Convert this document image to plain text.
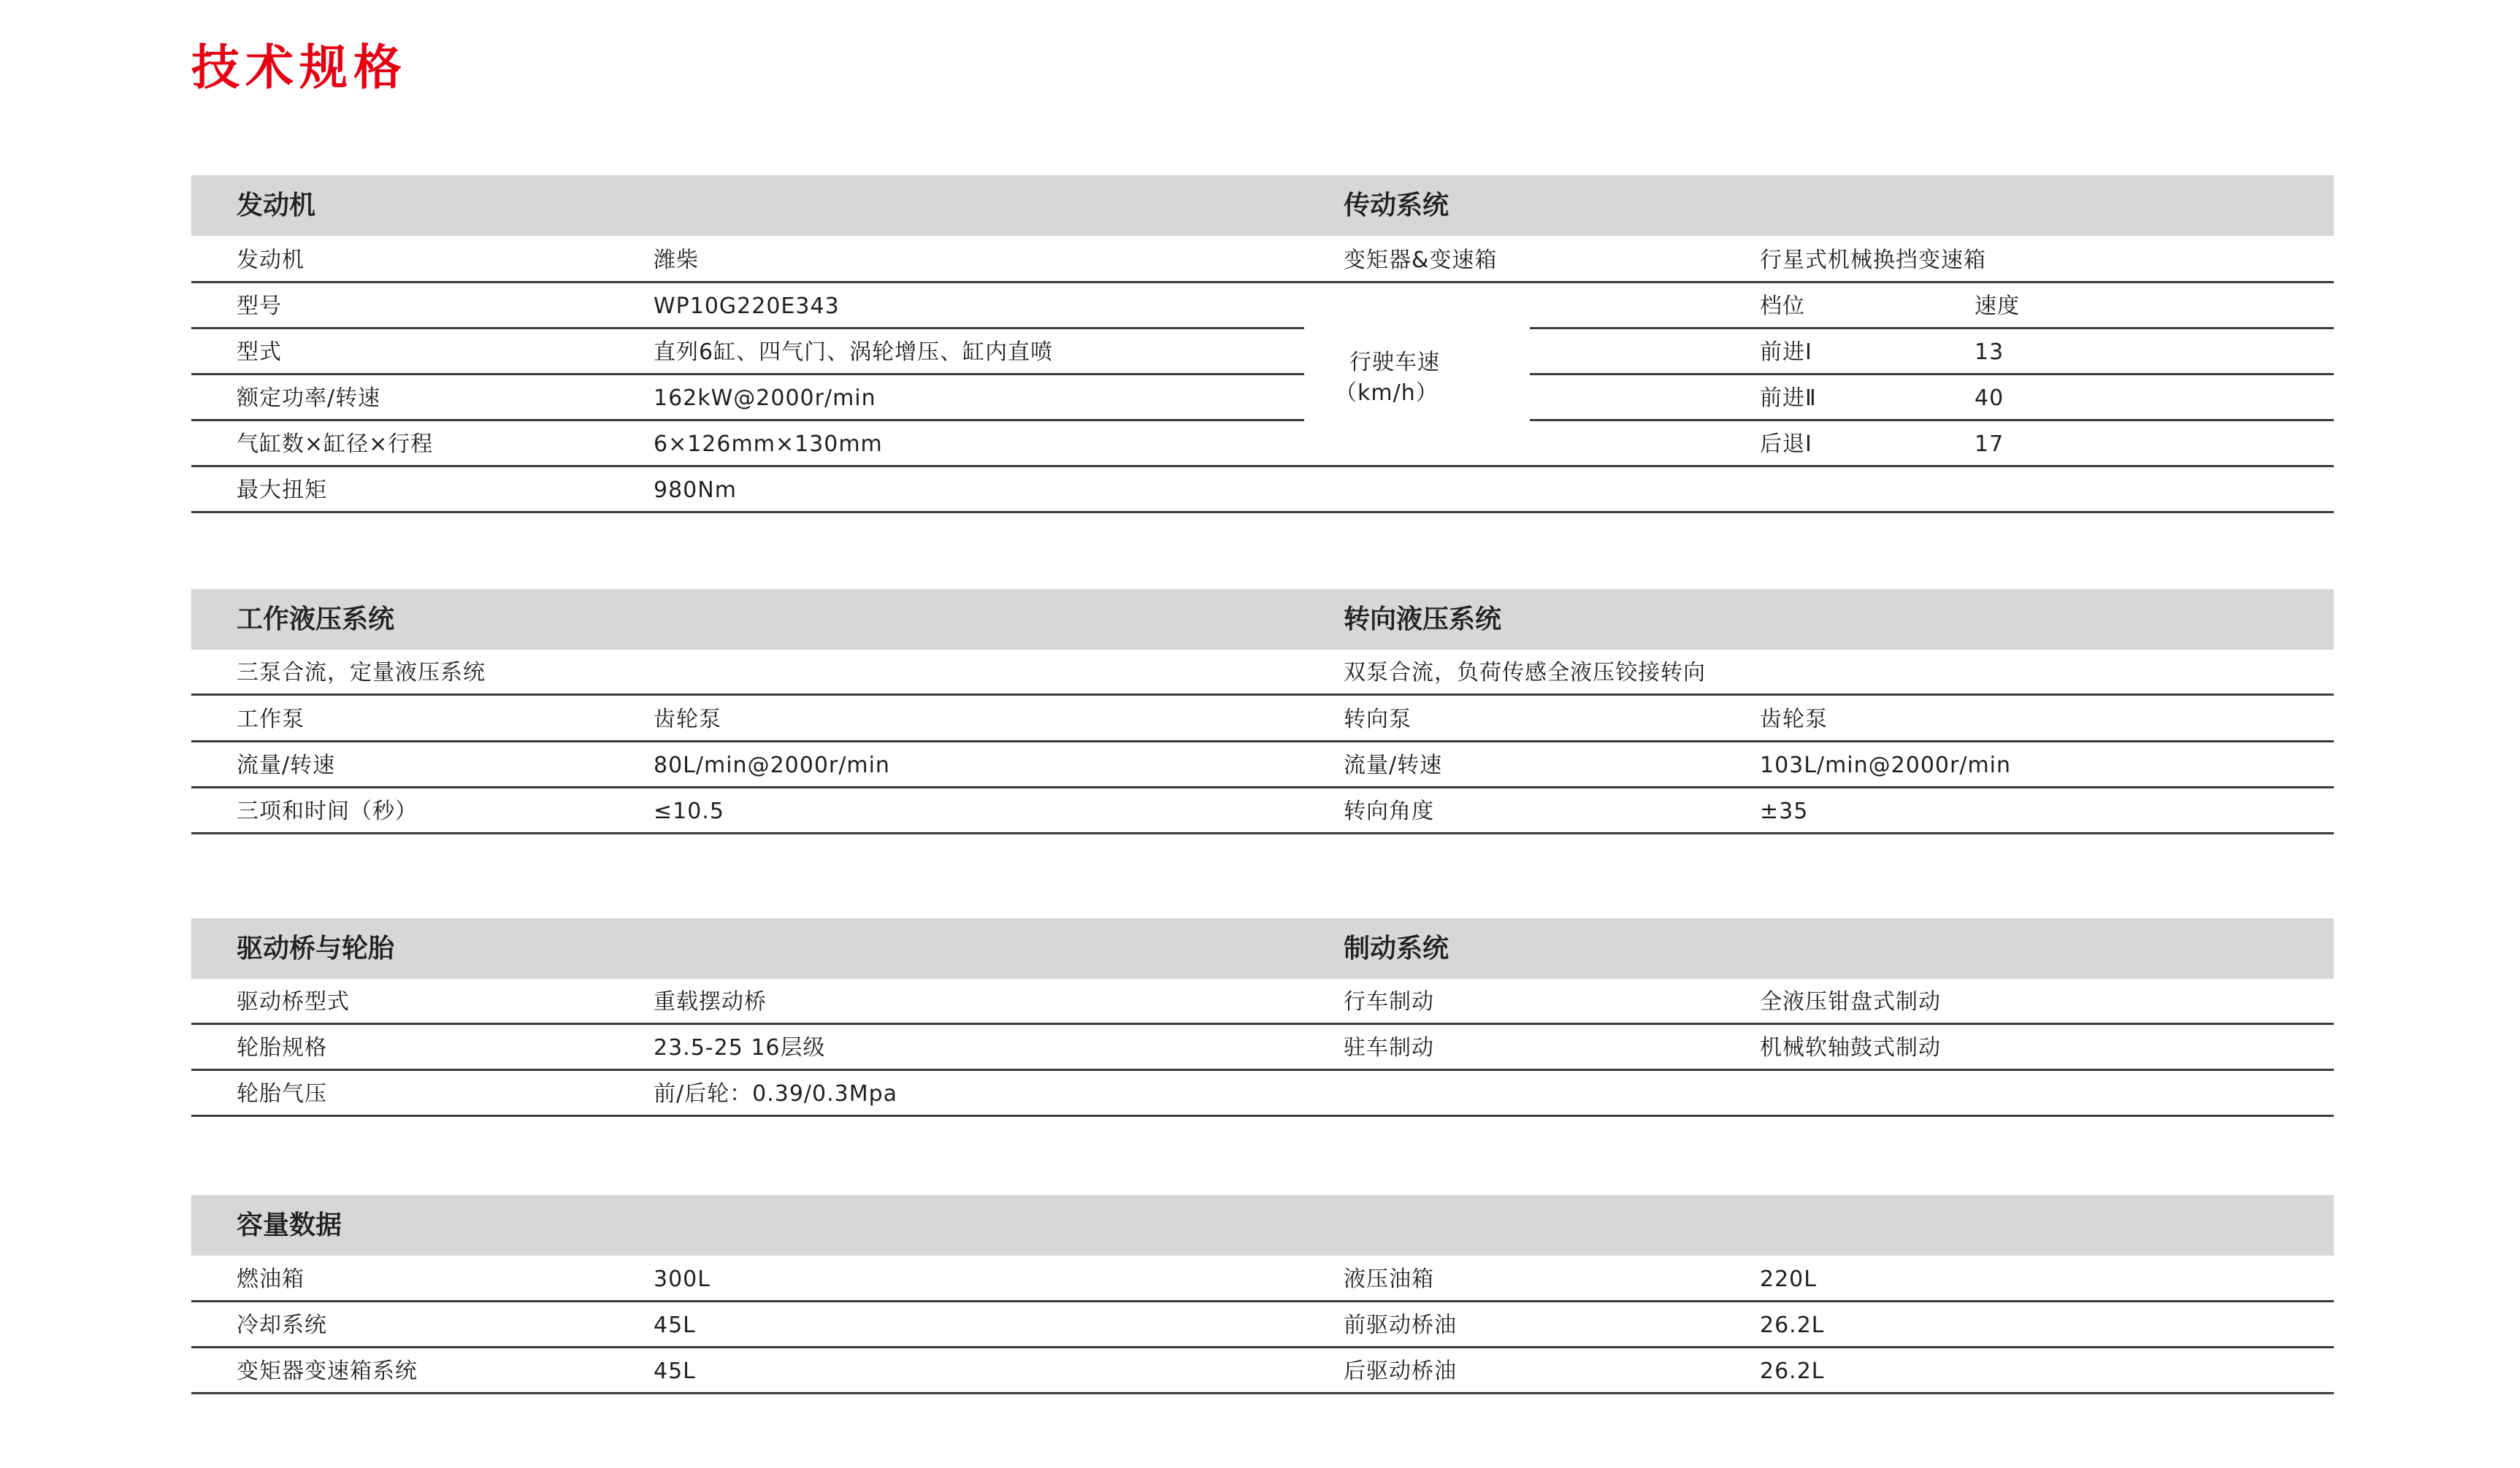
技术规格
发动机	传动系统
发动机	潍柴
型号	WP10G220E343
型式	直列6缸、四气门、涡轮增压、缸内直喷
额定功率/转速	162kW@2000r/min
气缸数×缸径×行程	6×126mm×130mm
最大扭矩	980Nm
变矩器&变速箱	行星式机械换挡变速箱
行驶车速
（km/h）
档位	速度
前进Ⅰ	13
前进Ⅱ	40
后退Ⅰ	17
工作液压系统	转向液压系统
三泵合流，定量液压系统	双泵合流，负荷传感全液压铰接转向
工作泵	齿轮泵	转向泵	齿轮泵
流量/转速	80L/min@2000r/min	流量/转速	103L/min@2000r/min
三项和时间（秒）	≤10.5	转向角度	±35
驱动桥与轮胎	制动系统
驱动桥型式	重载摆动桥	行车制动	全液压钳盘式制动
轮胎规格	23.5-25 16层级	驻车制动	机械软轴鼓式制动
轮胎气压	前/后轮：0.39/0.3Mpa
容量数据
燃油箱	300L	液压油箱	220L
冷却系统	45L	前驱动桥油	26.2L
变矩器变速箱系统	45L	后驱动桥油	26.2L
